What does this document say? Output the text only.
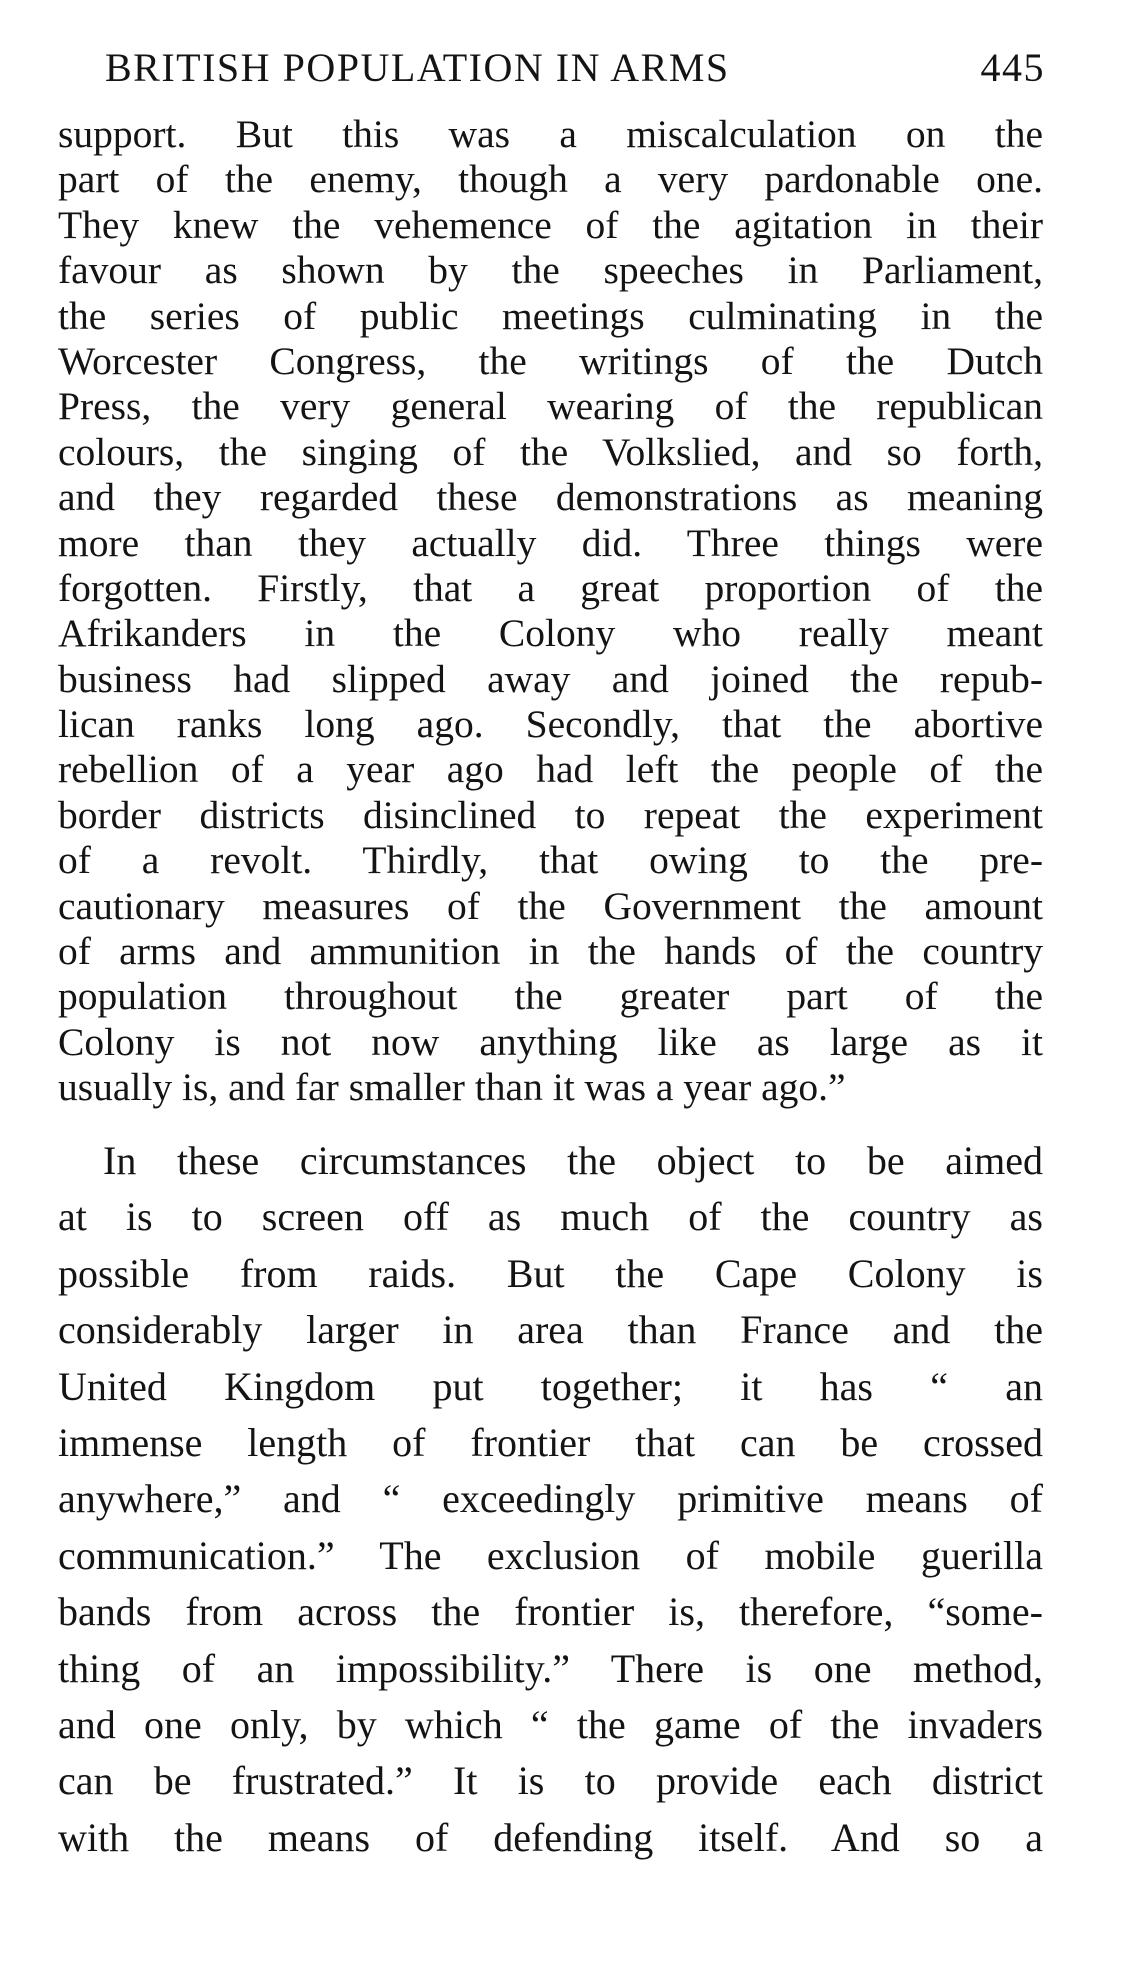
BRITISH POPULATION IN ARMS	445
support. But this was a miscalculation on the
part of the enemy, though a very pardonable one.
They knew the vehemence of the agitation in their
favour as shown by the speeches in Parliament,
the series of public meetings culminating in the
Worcester Congress, the writings of the Dutch
Press, the very general wearing of the republican
colours, the singing of the Volkslied, and so forth,
and they regarded these demonstrations as meaning
more than they actually did. Three things were
forgotten. Firstly, that a great proportion of the
Afrikanders in the Colony who really meant
business had slipped away and joined the repub-
lican ranks long ago. Secondly, that the abortive
rebellion of a year ago had left the people of the
border districts disinclined to repeat the experiment
of a revolt. Thirdly, that owing to the pre-
cautionary measures of the Government the amount
of arms and ammunition in the hands of the country
population throughout the greater part of the
Colony is not now anything like as large as it
usually is, and far smaller than it was a year ago.”
In these circumstances the object to be aimed
at is to screen off as much of the country as
possible from raids. But the Cape Colony is
considerably larger in area than France and the
United Kingdom put together; it has “ an
immense length of frontier that can be crossed
anywhere,” and “ exceedingly primitive means of
communication.” The exclusion of mobile guerilla
bands from across the frontier is, therefore, “some-
thing of an impossibility.” There is one method,
and one only, by which “ the game of the invaders
can be frustrated.” It is to provide each district
with the means of defending itself. And so a
